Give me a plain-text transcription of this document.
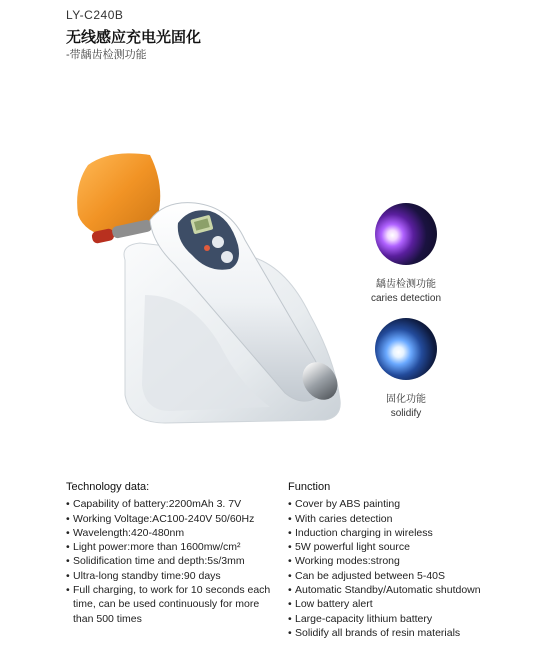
LY-C240B
无线感应充电光固化
-带龋齿检测功能
龋齿检测功能
caries detection
固化功能
solidify
Technology data:
• Capability of battery:2200mAh 3. 7V
• Working Voltage:AC100-240V 50/60Hz
• Wavelength:420-480nm
• Light power:more than 1600mw/cm²
• Solidification time and depth:5s/3mm
• Ultra-long standby time:90 days
• Full charging, to work for 10 seconds each time, can be used continuously for more than 500 times
Function
• Cover by ABS painting
• With caries detection
• Induction charging in wireless
• 5W powerful light source
• Working modes:strong
• Can be adjusted between 5-40S
• Automatic Standby/Automatic shutdown
• Low battery alert
• Large-capacity lithium battery
• Solidify all brands of resin materials
